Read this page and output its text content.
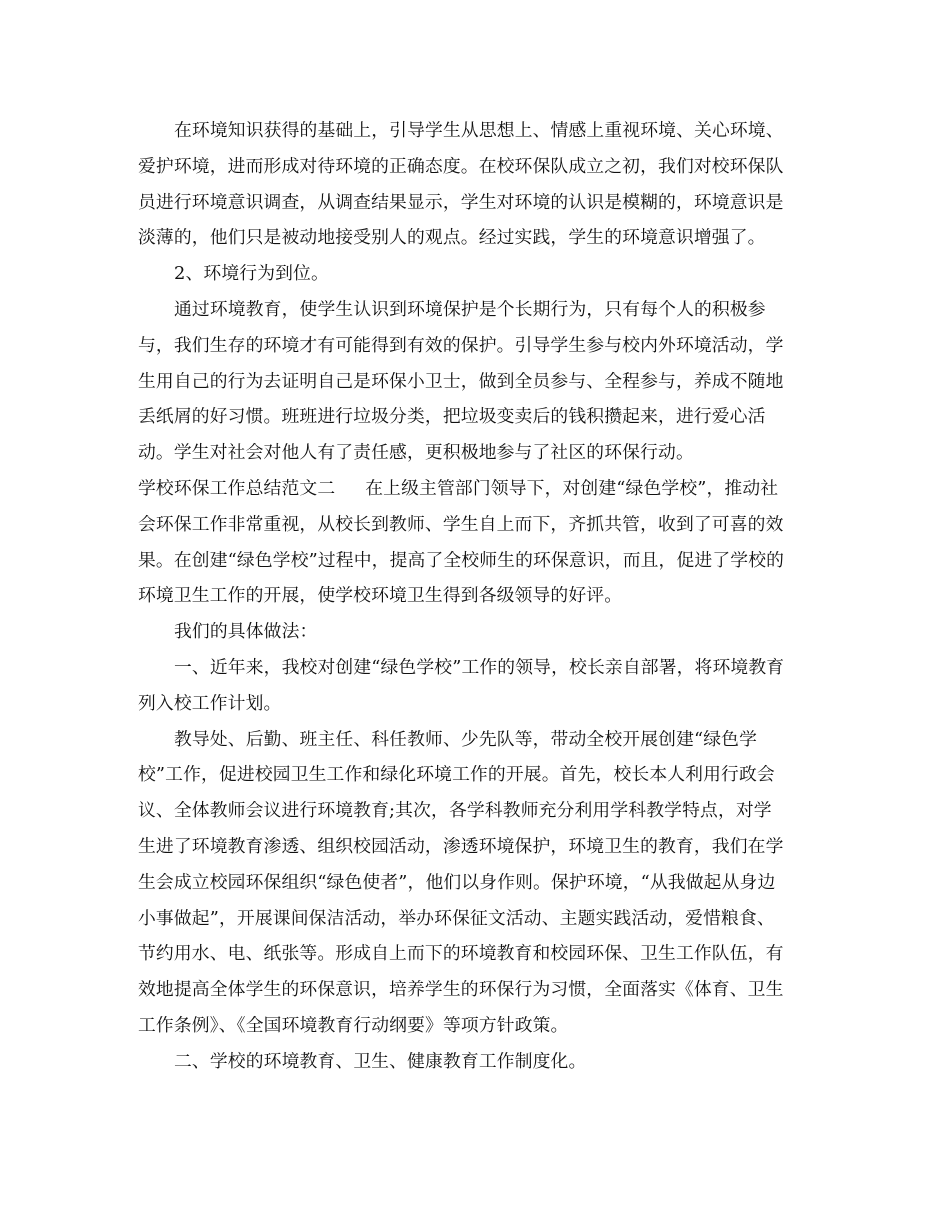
在环境知识获得的基础上，引导学生从思想上、情感上重视环境、关心环境、
爱护环境，进而形成对待环境的正确态度。在校环保队成立之初，我们对校环保队
员进行环境意识调查，从调查结果显示，学生对环境的认识是模糊的，环境意识是
淡薄的，他们只是被动地接受别人的观点。经过实践，学生的环境意识增强了。
2、环境行为到位。
通过环境教育，使学生认识到环境保护是个长期行为，只有每个人的积极参
与，我们生存的环境才有可能得到有效的保护。引导学生参与校内外环境活动，学
生用自己的行为去证明自己是环保小卫士，做到全员参与、全程参与，养成不随地
丢纸屑的好习惯。班班进行垃圾分类，把垃圾变卖后的钱积攒起来，进行爱心活
动。学生对社会对他人有了责任感，更积极地参与了社区的环保行动。
学校环保工作总结范文二 在上级主管部门领导下，对创建“绿色学校”，推动社
会环保工作非常重视，从校长到教师、学生自上而下，齐抓共管，收到了可喜的效
果。在创建“绿色学校”过程中，提高了全校师生的环保意识，而且，促进了学校的
环境卫生工作的开展，使学校环境卫生得到各级领导的好评。
我们的具体做法：
一、近年来，我校对创建“绿色学校”工作的领导，校长亲自部署，将环境教育
列入校工作计划。
教导处、后勤、班主任、科任教师、少先队等，带动全校开展创建“绿色学
校”工作，促进校园卫生工作和绿化环境工作的开展。首先，校长本人利用行政会
议、全体教师会议进行环境教育;其次，各学科教师充分利用学科教学特点，对学
生进了环境教育渗透、组织校园活动，渗透环境保护，环境卫生的教育，我们在学
生会成立校园环保组织“绿色使者”，他们以身作则。保护环境，“从我做起从身边
小事做起”，开展课间保洁活动，举办环保征文活动、主题实践活动，爱惜粮食、
节约用水、电、纸张等。形成自上而下的环境教育和校园环保、卫生工作队伍，有
效地提高全体学生的环保意识，培养学生的环保行为习惯，全面落实《体育、卫生
工作条例》、《全国环境教育行动纲要》等项方针政策。
二、学校的环境教育、卫生、健康教育工作制度化。
